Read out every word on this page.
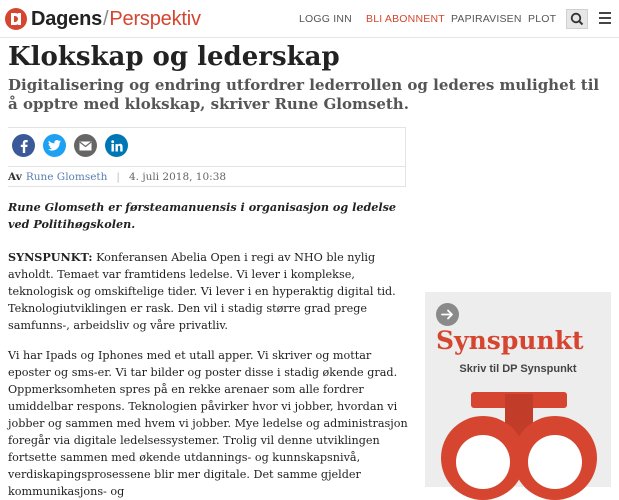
Dagens/Perspektiv	LOGG INN BLI ABONNENT PAPIRAVISEN PLOT
Klokskap og lederskap

Digitalisering og endring utfordrer lederrollen og lederes mulighet til å opptre med klokskap, skriver Rune Glomseth.

Av Rune Glomseth | 4. juli 2018, 10:38

Rune Glomseth er førsteamanuensis i organisasjon og ledelse ved Politihøgskolen.

SYNSPUNKT: Konferansen Abelia Open i regi av NHO ble nylig avholdt. Temaet var framtidens ledelse. Vi lever i komplekse, teknologisk og omskiftelige tider. Vi lever i en hyperaktig digital tid. Teknologiutviklingen er rask. Den vil i stadig større grad prege samfunns-, arbeidsliv og våre privatliv.

Vi har Ipads og Iphones med et utall apper. Vi skriver og mottar eposter og sms-er. Vi tar bilder og poster disse i stadig økende grad. Oppmerksomheten spres på en rekke arenaer som alle fordrer umiddelbar respons. Teknologien påvirker hvor vi jobber, hvordan vi jobber og sammen med hvem vi jobber. Mye ledelse og administrasjon foregår via digitale ledelsessystemer. Trolig vil denne utviklingen fortsette sammen med økende utdannings- og kunnskapsnivå, verdiskapingsprosessene blir mer digitale. Det samme gjelder kommunikasjons- og

Synspunkt
Skriv til DP Synspunkt
